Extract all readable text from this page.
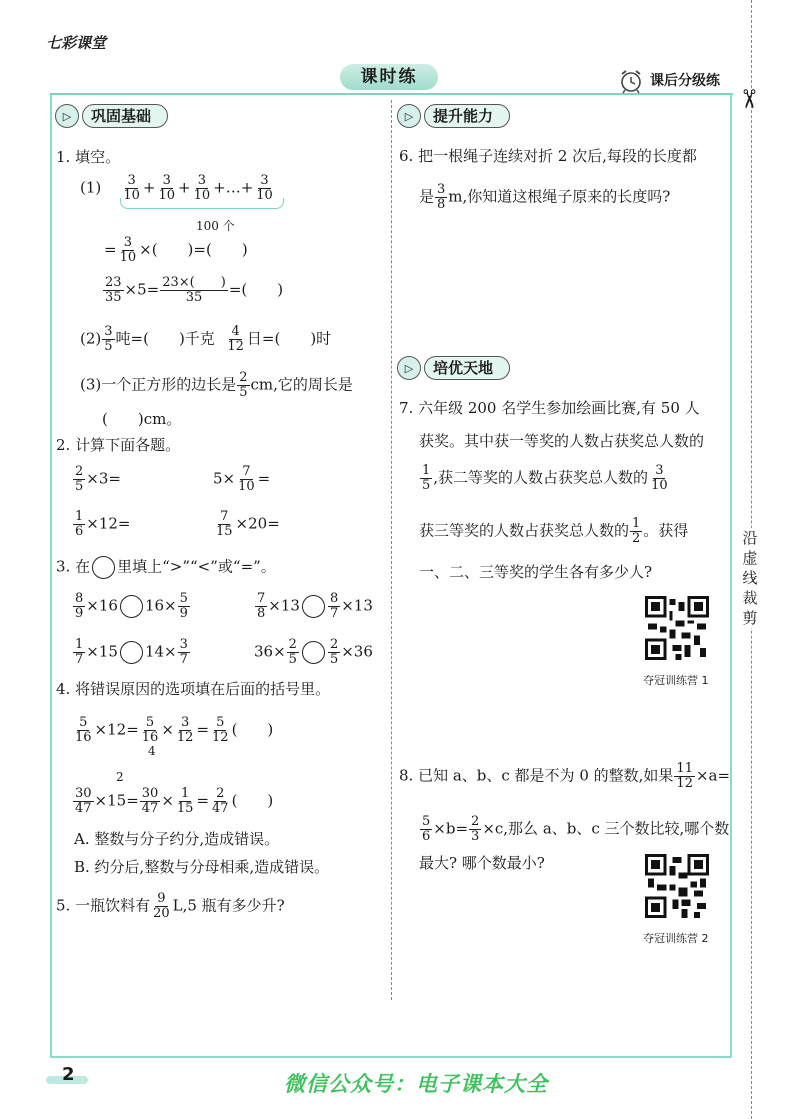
七彩课堂
课时练	课后分级练
✂
沿虚线裁剪
▷	巩固基础
1. 填空。
$(1) \frac{3}{10} + \frac{3}{10} + \frac{3}{10}$ +…+ $\frac{3}{10}$
100 个
= $\frac{3}{10}$ ×(　　)=(　　)
$\frac{23}{35} \times 5= \frac{23\times( )}{35}$ =(　　)
$(2) \frac{3}{5}$ 吨=(　　)千克 $\frac{4}{12}$ 日=(　　)时
(3)一个正方形的边长是 $\frac{2}{5}$ cm,它的周长是
(　　)cm。
2. 计算下面各题。
$\frac{2}{5} \times 3=$	$5\times \frac{7}{10}$ =
$\frac{1}{6} \times 12=$	$\frac{7}{15} \times 20=$
3. 在 里填上“>”“<”或“=”。
$\frac{8}{9} \times 16$ $16\times \frac{5}{9}$	$\frac{7}{8} \times 13 \frac{8}{7} \times 13$
$\frac{1}{7} \times 15$ $14\times \frac{3}{7}$	$36\times \frac{2}{5} \frac{2}{5} \times 36$
4. 将错误原因的选项填在后面的括号里。
$\frac{5}{16} \times 12= \frac{5}{16} \times \frac{3}{12} = \frac{5}{12}$ (　　)
4
2
$\frac{30}{47} \times 15= \frac{30}{47} \times \frac{1}{15} = \frac{2}{47}$ (　　)
A. 整数与分子约分,造成错误。
B. 约分后,整数与分母相乘,造成错误。
5. 一瓶饮料有 $\frac{9}{20} L,5$ 瓶有多少升?
▷	提升能力
6. 把一根绳子连续对折 2 次后,每段的长度都
是 $\frac{3}{8} m$,你知道这根绳子原来的长度吗?
▷	培优天地
7. 六年级 200 名学生参加绘画比赛,有 50 人
获奖。其中获一等奖的人数占获奖总人数的
$\frac{1}{5}$ ,获二等奖的人数占获奖总人数的 $\frac{3}{10}$
获三等奖的人数占获奖总人数的 $\frac{1}{2}$ 。获得
一、二、三等奖的学生各有多少人?
夺冠训练营 1
8. 已知 a、b、c 都是不为 0 的整数,如果 $\frac{11}{12} \times a=$
$\frac{5}{6} \times b= \frac{2}{3} \times c$,那么 a、b、c 三个数比较,哪个数
最大? 哪个数最小?
夺冠训练营 2
2	微信公众号：电子课本大全
